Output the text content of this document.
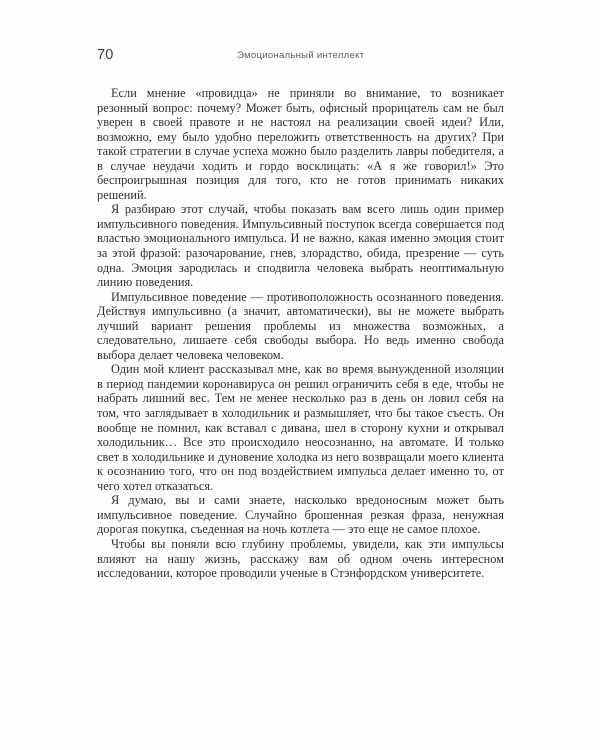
70	Эмоциональный интеллект

Если мнение «провидца» не приняли во внимание, то возникает резонный вопрос: почему? Может быть, офисный прорицатель сам не был уверен в своей правоте и не настоял на реализации своей идеи? Или, возможно, ему было удобно переложить ответственность на других? При такой стратегии в случае успеха можно было разделить лавры победителя, а в случае неудачи ходить и гордо восклицать: «А я же говорил!» Это беспроигрышная позиция для того, кто не готов принимать никаких решений.

Я разбираю этот случай, чтобы показать вам всего лишь один пример импульсивного поведения. Импульсивный поступок всегда совершается под властью эмоционального импульса. И не важно, какая именно эмоция стоит за этой фразой: разочарование, гнев, злорадство, обида, презрение — суть одна. Эмоция зародилась и сподвигла человека выбрать неоптимальную линию поведения.

Импульсивное поведение — противоположность осознанного поведения. Действуя импульсивно (а значит, автоматически), вы не можете выбрать лучший вариант решения проблемы из множества возможных, а следовательно, лишаете себя свободы выбора. Но ведь именно свобода выбора делает человека человеком.

Один мой клиент рассказывал мне, как во время вынужденной изоляции в период пандемии коронавируса он решил ограничить себя в еде, чтобы не набрать лишний вес. Тем не менее несколько раз в день он ловил себя на том, что заглядывает в холодильник и размышляет, что бы такое съесть. Он вообще не помнил, как вставал с дивана, шел в сторону кухни и открывал холодильник… Все это происходило неосознанно, на автомате. И только свет в холодильнике и дуновение холодка из него возвращали моего клиента к осознанию того, что он под воздействием импульса делает именно то, от чего хотел отказаться.

Я думаю, вы и сами знаете, насколько вредоносным может быть импульсивное поведение. Случайно брошенная резкая фраза, ненужная дорогая покупка, съеденная на ночь котлета — это еще не самое плохое.

Чтобы вы поняли всю глубину проблемы, увидели, как эти импульсы влияют на нашу жизнь, расскажу вам об одном очень интересном исследовании, которое проводили ученые в Стэнфордском университете.
